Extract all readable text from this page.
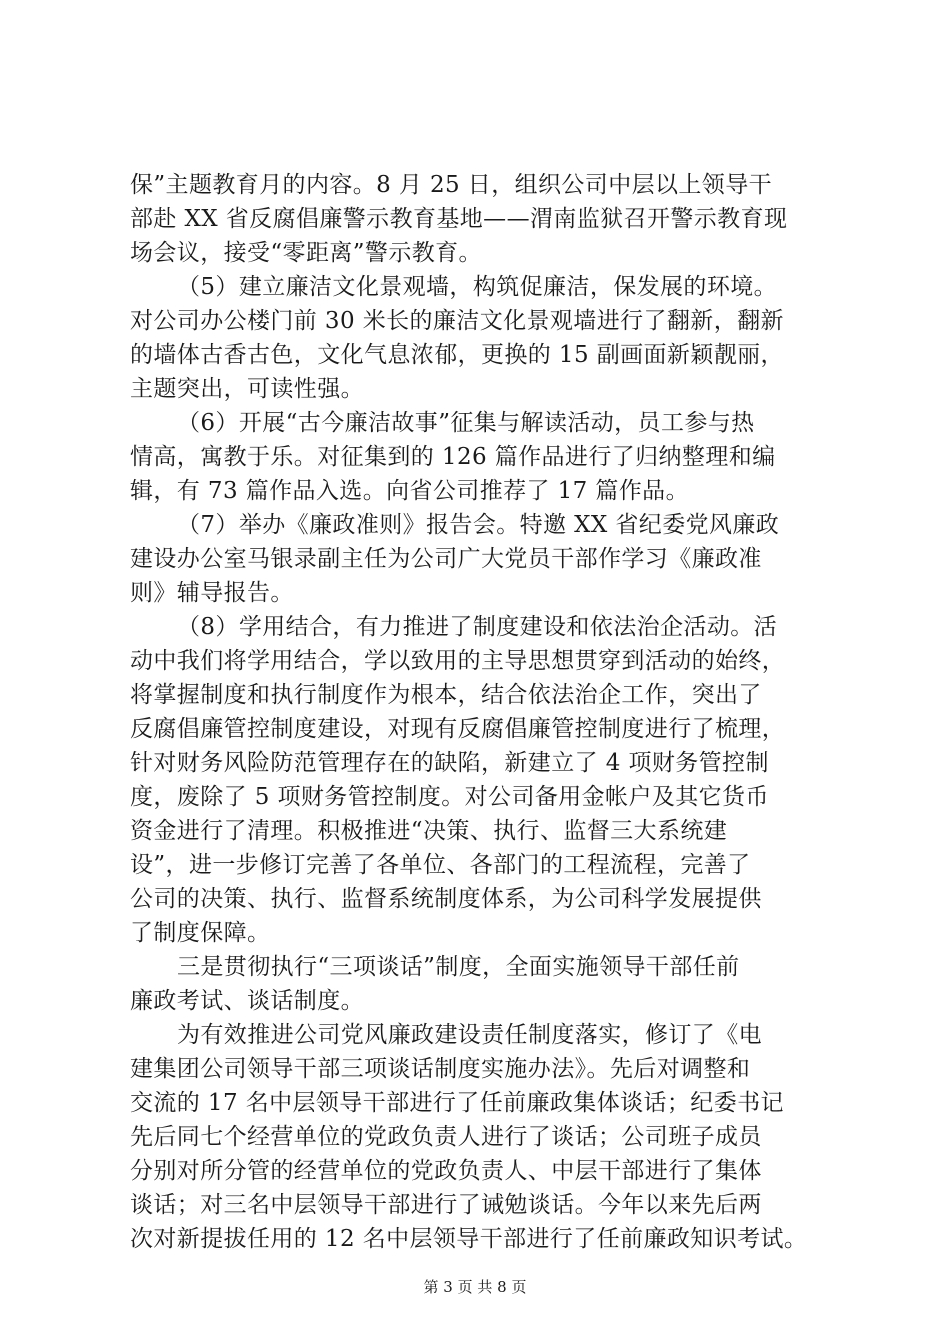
保”主题教育月的内容。8 月 25 日，组织公司中层以上领导干
部赴 XX 省反腐倡廉警示教育基地——渭南监狱召开警示教育现
场会议，接受“零距离”警示教育。
（5）建立廉洁文化景观墙，构筑促廉洁，保发展的环境。
对公司办公楼门前 30 米长的廉洁文化景观墙进行了翻新，翻新
的墙体古香古色，文化气息浓郁，更换的 15 副画面新颖靓丽，
主题突出，可读性强。
（6）开展“古今廉洁故事”征集与解读活动，员工参与热
情高，寓教于乐。对征集到的 126 篇作品进行了归纳整理和编
辑，有 73 篇作品入选。向省公司推荐了 17 篇作品。
（7）举办《廉政准则》报告会。特邀 XX 省纪委党风廉政
建设办公室马银录副主任为公司广大党员干部作学习《廉政准
则》辅导报告。
（8）学用结合，有力推进了制度建设和依法治企活动。活
动中我们将学用结合，学以致用的主导思想贯穿到活动的始终，
将掌握制度和执行制度作为根本，结合依法治企工作，突出了
反腐倡廉管控制度建设，对现有反腐倡廉管控制度进行了梳理，
针对财务风险防范管理存在的缺陷，新建立了 4 项财务管控制
度，废除了 5 项财务管控制度。对公司备用金帐户及其它货币
资金进行了清理。积极推进“决策、执行、监督三大系统建
设”，进一步修订完善了各单位、各部门的工程流程，完善了
公司的决策、执行、监督系统制度体系，为公司科学发展提供
了制度保障。
三是贯彻执行“三项谈话”制度，全面实施领导干部任前
廉政考试、谈话制度。
为有效推进公司党风廉政建设责任制度落实，修订了《电
建集团公司领导干部三项谈话制度实施办法》。先后对调整和
交流的 17 名中层领导干部进行了任前廉政集体谈话；纪委书记
先后同七个经营单位的党政负责人进行了谈话；公司班子成员
分别对所分管的经营单位的党政负责人、中层干部进行了集体
谈话；对三名中层领导干部进行了诫勉谈话。今年以来先后两
次对新提拔任用的 12 名中层领导干部进行了任前廉政知识考试。
第 3 页 共 8 页
